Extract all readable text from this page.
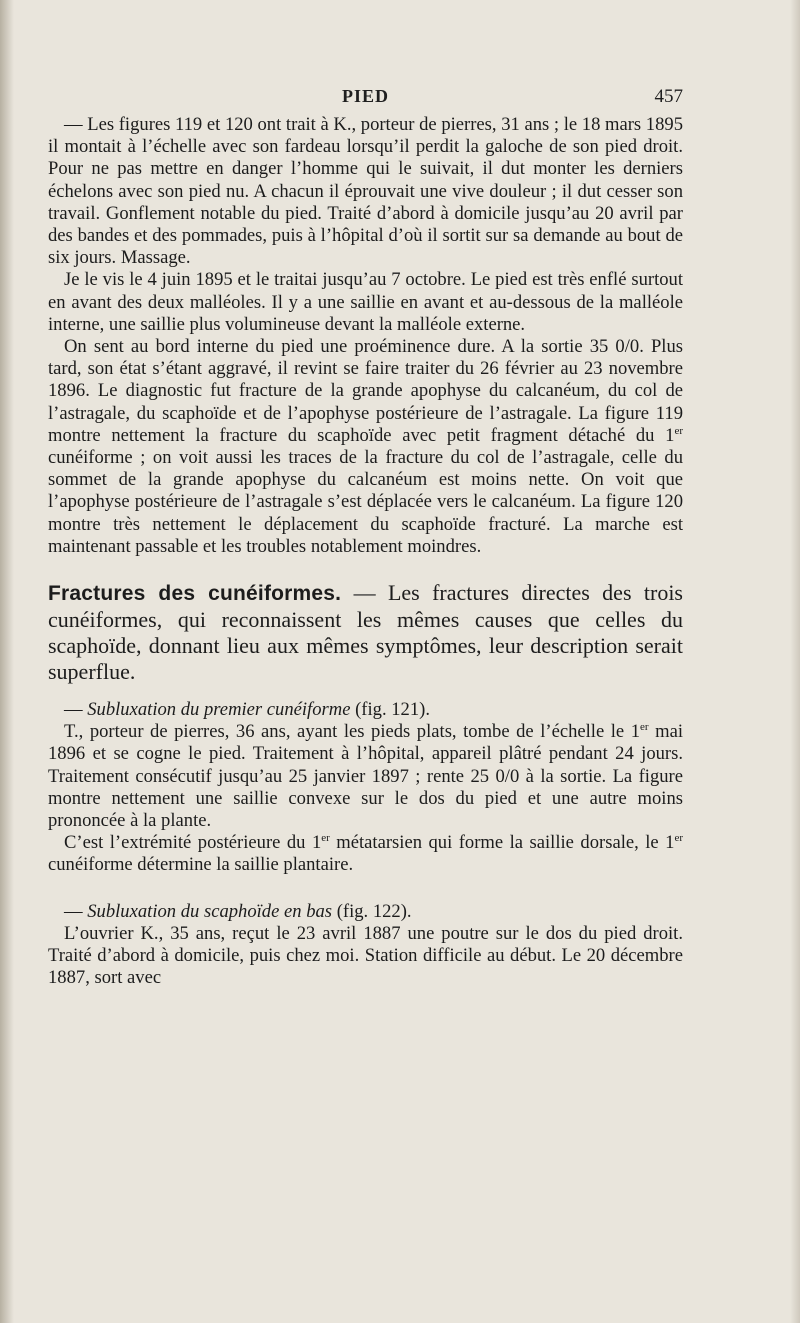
PIED	457

— Les figures 119 et 120 ont trait à K., porteur de pierres, 31 ans ; le 18 mars 1895 il montait à l’échelle avec son fardeau lorsqu’il perdit la galoche de son pied droit. Pour ne pas mettre en danger l’homme qui le suivait, il dut monter les derniers échelons avec son pied nu. A chacun il éprouvait une vive douleur ; il dut cesser son travail. Gonflement notable du pied. Traité d’abord à domicile jusqu’au 20 avril par des bandes et des pommades, puis à l’hôpital d’où il sortit sur sa demande au bout de six jours. Massage.

Je le vis le 4 juin 1895 et le traitai jusqu’au 7 octobre. Le pied est très enflé surtout en avant des deux malléoles. Il y a une saillie en avant et au-dessous de la malléole interne, une saillie plus volumineuse devant la malléole externe.

On sent au bord interne du pied une proéminence dure. A la sortie 35 0/0. Plus tard, son état s’étant aggravé, il revint se faire traiter du 26 février au 23 novembre 1896. Le diagnostic fut fracture de la grande apophyse du calcanéum, du col de l’astragale, du scaphoïde et de l’apophyse postérieure de l’astragale. La figure 119 montre nettement la fracture du scaphoïde avec petit fragment détaché du 1er cunéiforme ; on voit aussi les traces de la fracture du col de l’astragale, celle du sommet de la grande apophyse du calcanéum est moins nette. On voit que l’apophyse postérieure de l’astragale s’est déplacée vers le calcanéum. La figure 120 montre très nettement le déplacement du scaphoïde fracturé. La marche est maintenant passable et les troubles notablement moindres.

Fractures des cunéiformes. — Les fractures directes des trois cunéiformes, qui reconnaissent les mêmes causes que celles du scaphoïde, donnant lieu aux mêmes symptômes, leur description serait superflue.

— Subluxation du premier cunéiforme (fig. 121).

T., porteur de pierres, 36 ans, ayant les pieds plats, tombe de l’échelle le 1er mai 1896 et se cogne le pied. Traitement à l’hôpital, appareil plâtré pendant 24 jours. Traitement consécutif jusqu’au 25 janvier 1897 ; rente 25 0/0 à la sortie. La figure montre nettement une saillie convexe sur le dos du pied et une autre moins prononcée à la plante.

C’est l’extrémité postérieure du 1er métatarsien qui forme la saillie dorsale, le 1er cunéiforme détermine la saillie plantaire.

— Subluxation du scaphoïde en bas (fig. 122).

L’ouvrier K., 35 ans, reçut le 23 avril 1887 une poutre sur le dos du pied droit. Traité d’abord à domicile, puis chez moi. Station difficile au début. Le 20 décembre 1887, sort avec
